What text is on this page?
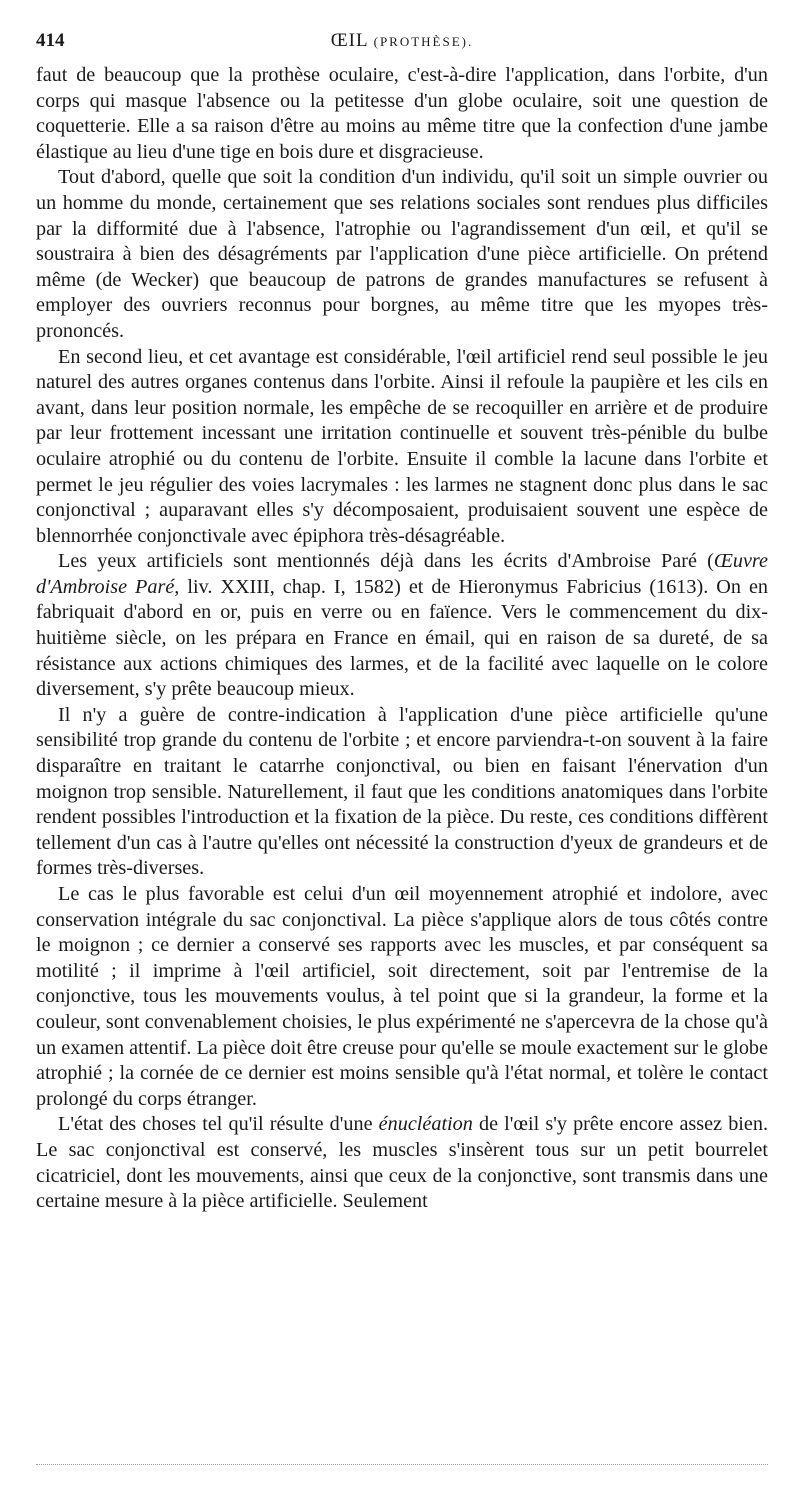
414	ŒIL (PROTHÈSE).

faut de beaucoup que la prothèse oculaire, c'est-à-dire l'application, dans l'orbite, d'un corps qui masque l'absence ou la petitesse d'un globe oculaire, soit une question de coquetterie. Elle a sa raison d'être au moins au même titre que la confection d'une jambe élastique au lieu d'une tige en bois dure et disgracieuse.

Tout d'abord, quelle que soit la condition d'un individu, qu'il soit un simple ouvrier ou un homme du monde, certainement que ses relations sociales sont rendues plus difficiles par la difformité due à l'absence, l'atrophie ou l'agrandissement d'un œil, et qu'il se soustraira à bien des désagréments par l'application d'une pièce artificielle. On prétend même (de Wecker) que beaucoup de patrons de grandes manufactures se refusent à employer des ouvriers reconnus pour borgnes, au même titre que les myopes très-prononcés.

En second lieu, et cet avantage est considérable, l'œil artificiel rend seul possible le jeu naturel des autres organes contenus dans l'orbite. Ainsi il refoule la paupière et les cils en avant, dans leur position normale, les empêche de se recoquiller en arrière et de produire par leur frottement incessant une irritation continuelle et souvent très-pénible du bulbe oculaire atrophié ou du contenu de l'orbite. Ensuite il comble la lacune dans l'orbite et permet le jeu régulier des voies lacrymales : les larmes ne stagnent donc plus dans le sac conjonctival ; auparavant elles s'y décomposaient, produisaient souvent une espèce de blennorrhée conjonctivale avec épiphora très-désagréable.

Les yeux artificiels sont mentionnés déjà dans les écrits d'Ambroise Paré (Œuvre d'Ambroise Paré, liv. XXIII, chap. I, 1582) et de Hieronymus Fabricius (1613). On en fabriquait d'abord en or, puis en verre ou en faïence. Vers le commencement du dix-huitième siècle, on les prépara en France en émail, qui en raison de sa dureté, de sa résistance aux actions chimiques des larmes, et de la facilité avec laquelle on le colore diversement, s'y prête beaucoup mieux.

Il n'y a guère de contre-indication à l'application d'une pièce artificielle qu'une sensibilité trop grande du contenu de l'orbite ; et encore parviendra-t-on souvent à la faire disparaître en traitant le catarrhe conjonctival, ou bien en faisant l'énervation d'un moignon trop sensible. Naturellement, il faut que les conditions anatomiques dans l'orbite rendent possibles l'introduction et la fixation de la pièce. Du reste, ces conditions diffèrent tellement d'un cas à l'autre qu'elles ont nécessité la construction d'yeux de grandeurs et de formes très-diverses.

Le cas le plus favorable est celui d'un œil moyennement atrophié et indolore, avec conservation intégrale du sac conjonctival. La pièce s'applique alors de tous côtés contre le moignon ; ce dernier a conservé ses rapports avec les muscles, et par conséquent sa motilité ; il imprime à l'œil artificiel, soit directement, soit par l'entremise de la conjonctive, tous les mouvements voulus, à tel point que si la grandeur, la forme et la couleur, sont convenablement choisies, le plus expérimenté ne s'apercevra de la chose qu'à un examen attentif. La pièce doit être creuse pour qu'elle se moule exactement sur le globe atrophié ; la cornée de ce dernier est moins sensible qu'à l'état normal, et tolère le contact prolongé du corps étranger.

L'état des choses tel qu'il résulte d'une énucléation de l'œil s'y prête encore assez bien. Le sac conjonctival est conservé, les muscles s'insèrent tous sur un petit bourrelet cicatriciel, dont les mouvements, ainsi que ceux de la conjonctive, sont transmis dans une certaine mesure à la pièce artificielle. Seulement
